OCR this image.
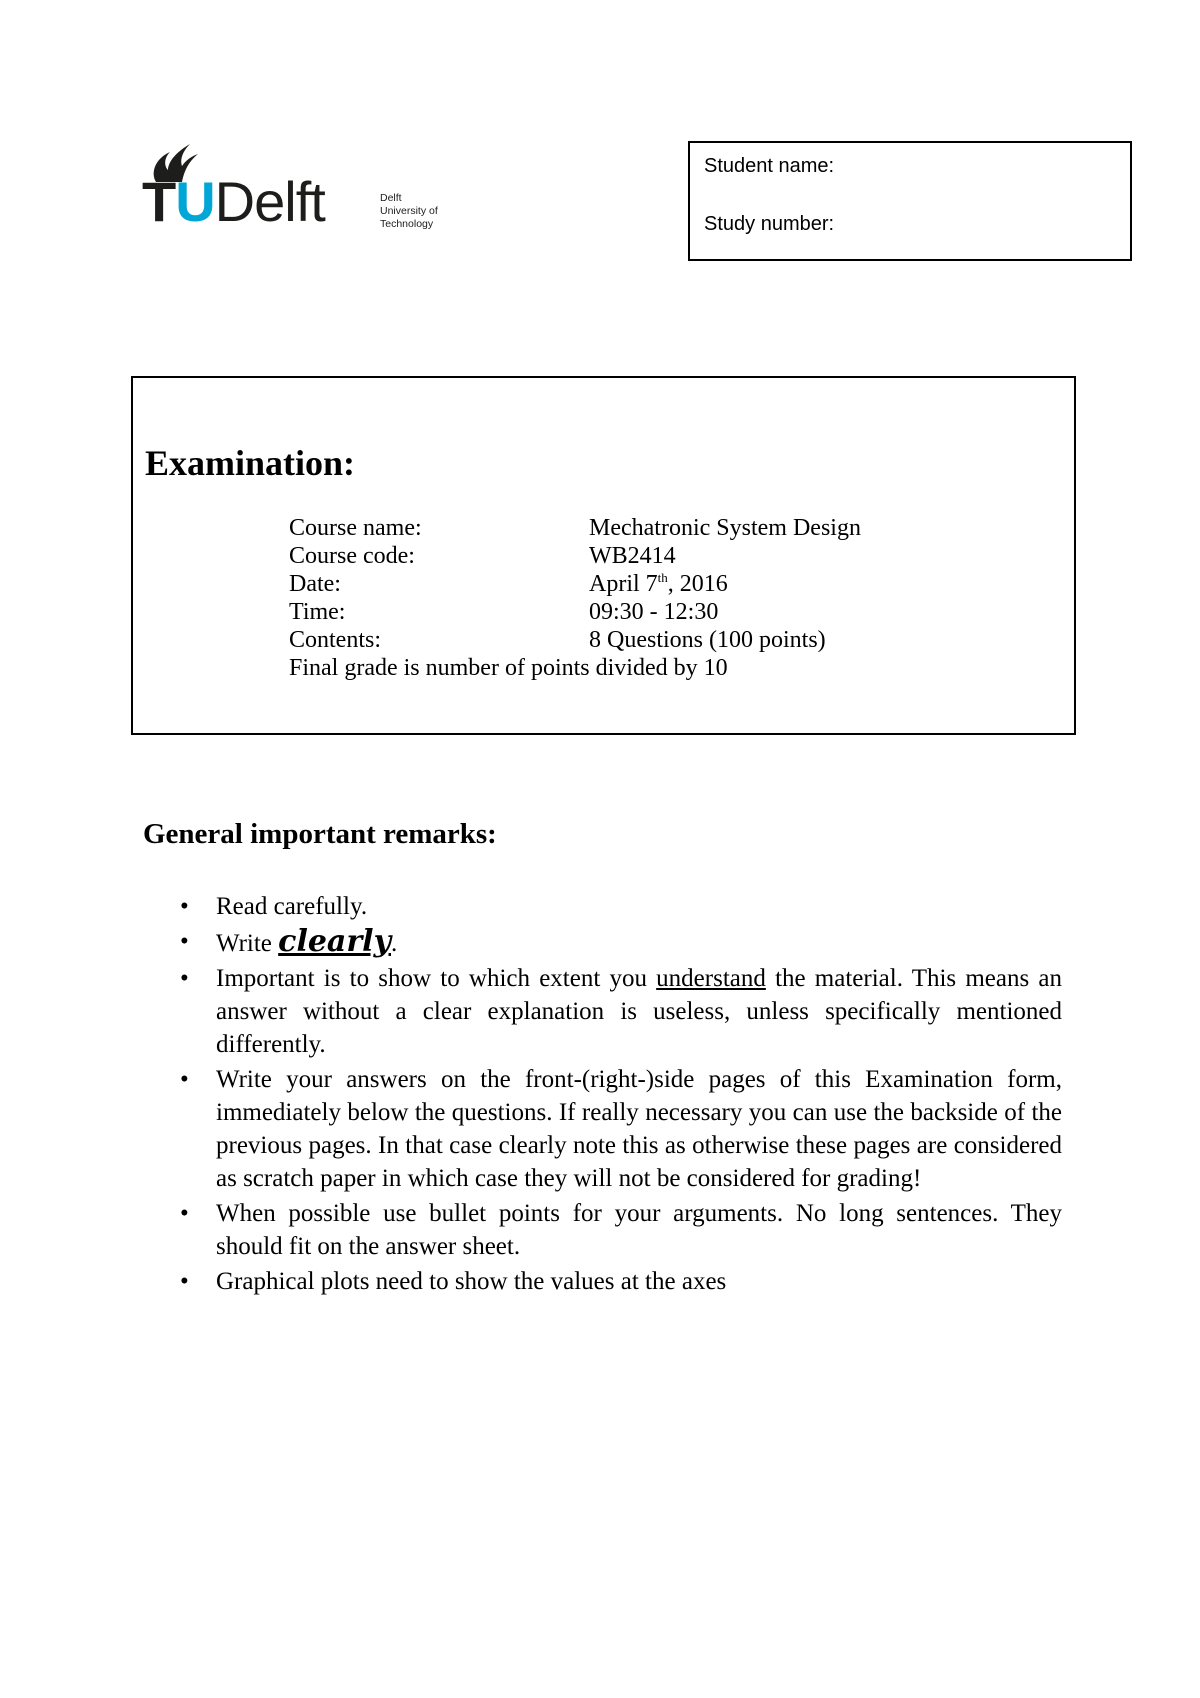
TUDelft	Delft
University of
Technology
Student name:
Study number:
Examination:
Course name:	Mechatronic System Design
Course code:	WB2414
Date:	April 7th, 2016
Time:	09:30 - 12:30
Contents:	8 Questions (100 points)
Final grade is number of points divided by 10
General important remarks:
• Read carefully.
• Write clearly.
• Important is to show to which extent you understand the material. This means an answer without a clear explanation is useless, unless specifically mentioned differently.
• Write your answers on the front-(right-)side pages of this Examination form, immediately below the questions. If really necessary you can use the backside of the previous pages. In that case clearly note this as otherwise these pages are considered as scratch paper in which case they will not be considered for grading!
• When possible use bullet points for your arguments. No long sentences. They should fit on the answer sheet.
• Graphical plots need to show the values at the axes
